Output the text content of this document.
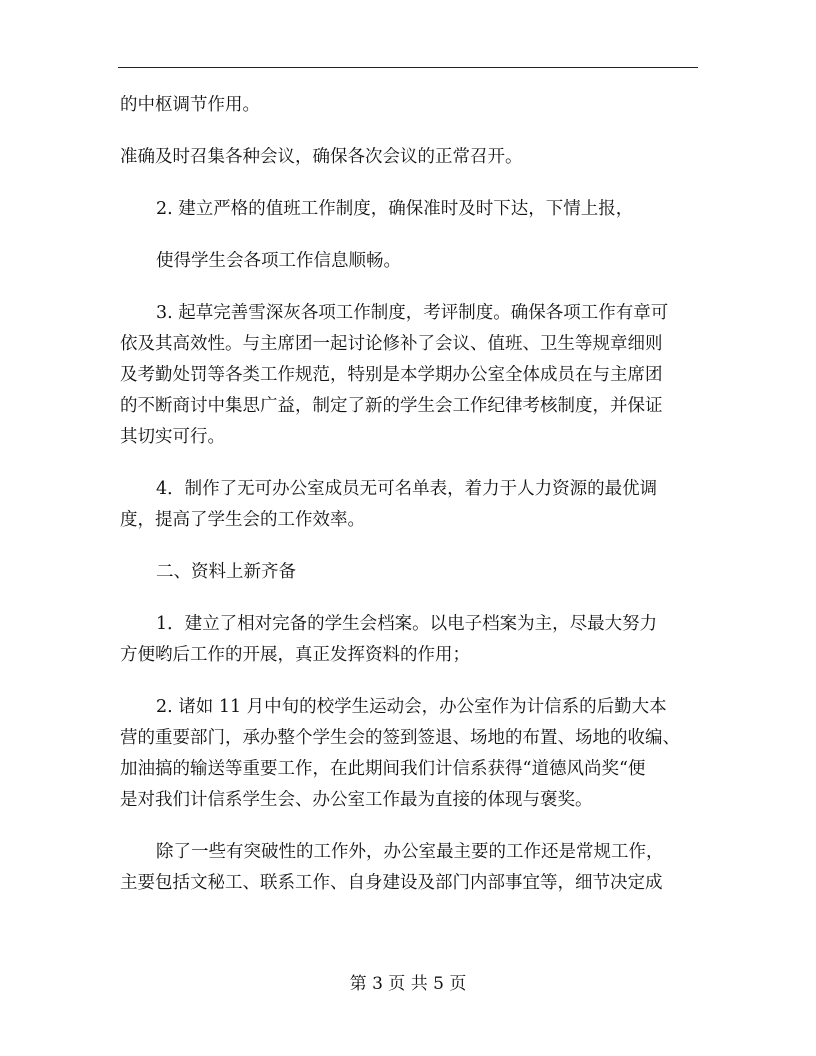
的中枢调节作用。
准确及时召集各种会议，确保各次会议的正常召开。
2. 建立严格的值班工作制度，确保准时及时下达，下情上报，
使得学生会各项工作信息顺畅。
3. 起草完善雪深灰各项工作制度，考评制度。确保各项工作有章可
依及其高效性。与主席团一起讨论修补了会议、值班、卫生等规章细则
及考勤处罚等各类工作规范，特别是本学期办公室全体成员在与主席团
的不断商讨中集思广益，制定了新的学生会工作纪律考核制度，并保证
其切实可行。
4．制作了无可办公室成员无可名单表，着力于人力资源的最优调
度，提高了学生会的工作效率。
二、资料上新齐备
1．建立了相对完备的学生会档案。以电子档案为主，尽最大努力
方便哟后工作的开展，真正发挥资料的作用；
2. 诸如 11 月中旬的校学生运动会，办公室作为计信系的后勤大本
营的重要部门，承办整个学生会的签到签退、场地的布置、场地的收编、
加油搞的输送等重要工作，在此期间我们计信系获得“道德风尚奖“便
是对我们计信系学生会、办公室工作最为直接的体现与褒奖。
除了一些有突破性的工作外，办公室最主要的工作还是常规工作，
主要包括文秘工、联系工作、自身建设及部门内部事宜等，细节决定成
第 3 页 共 5 页
